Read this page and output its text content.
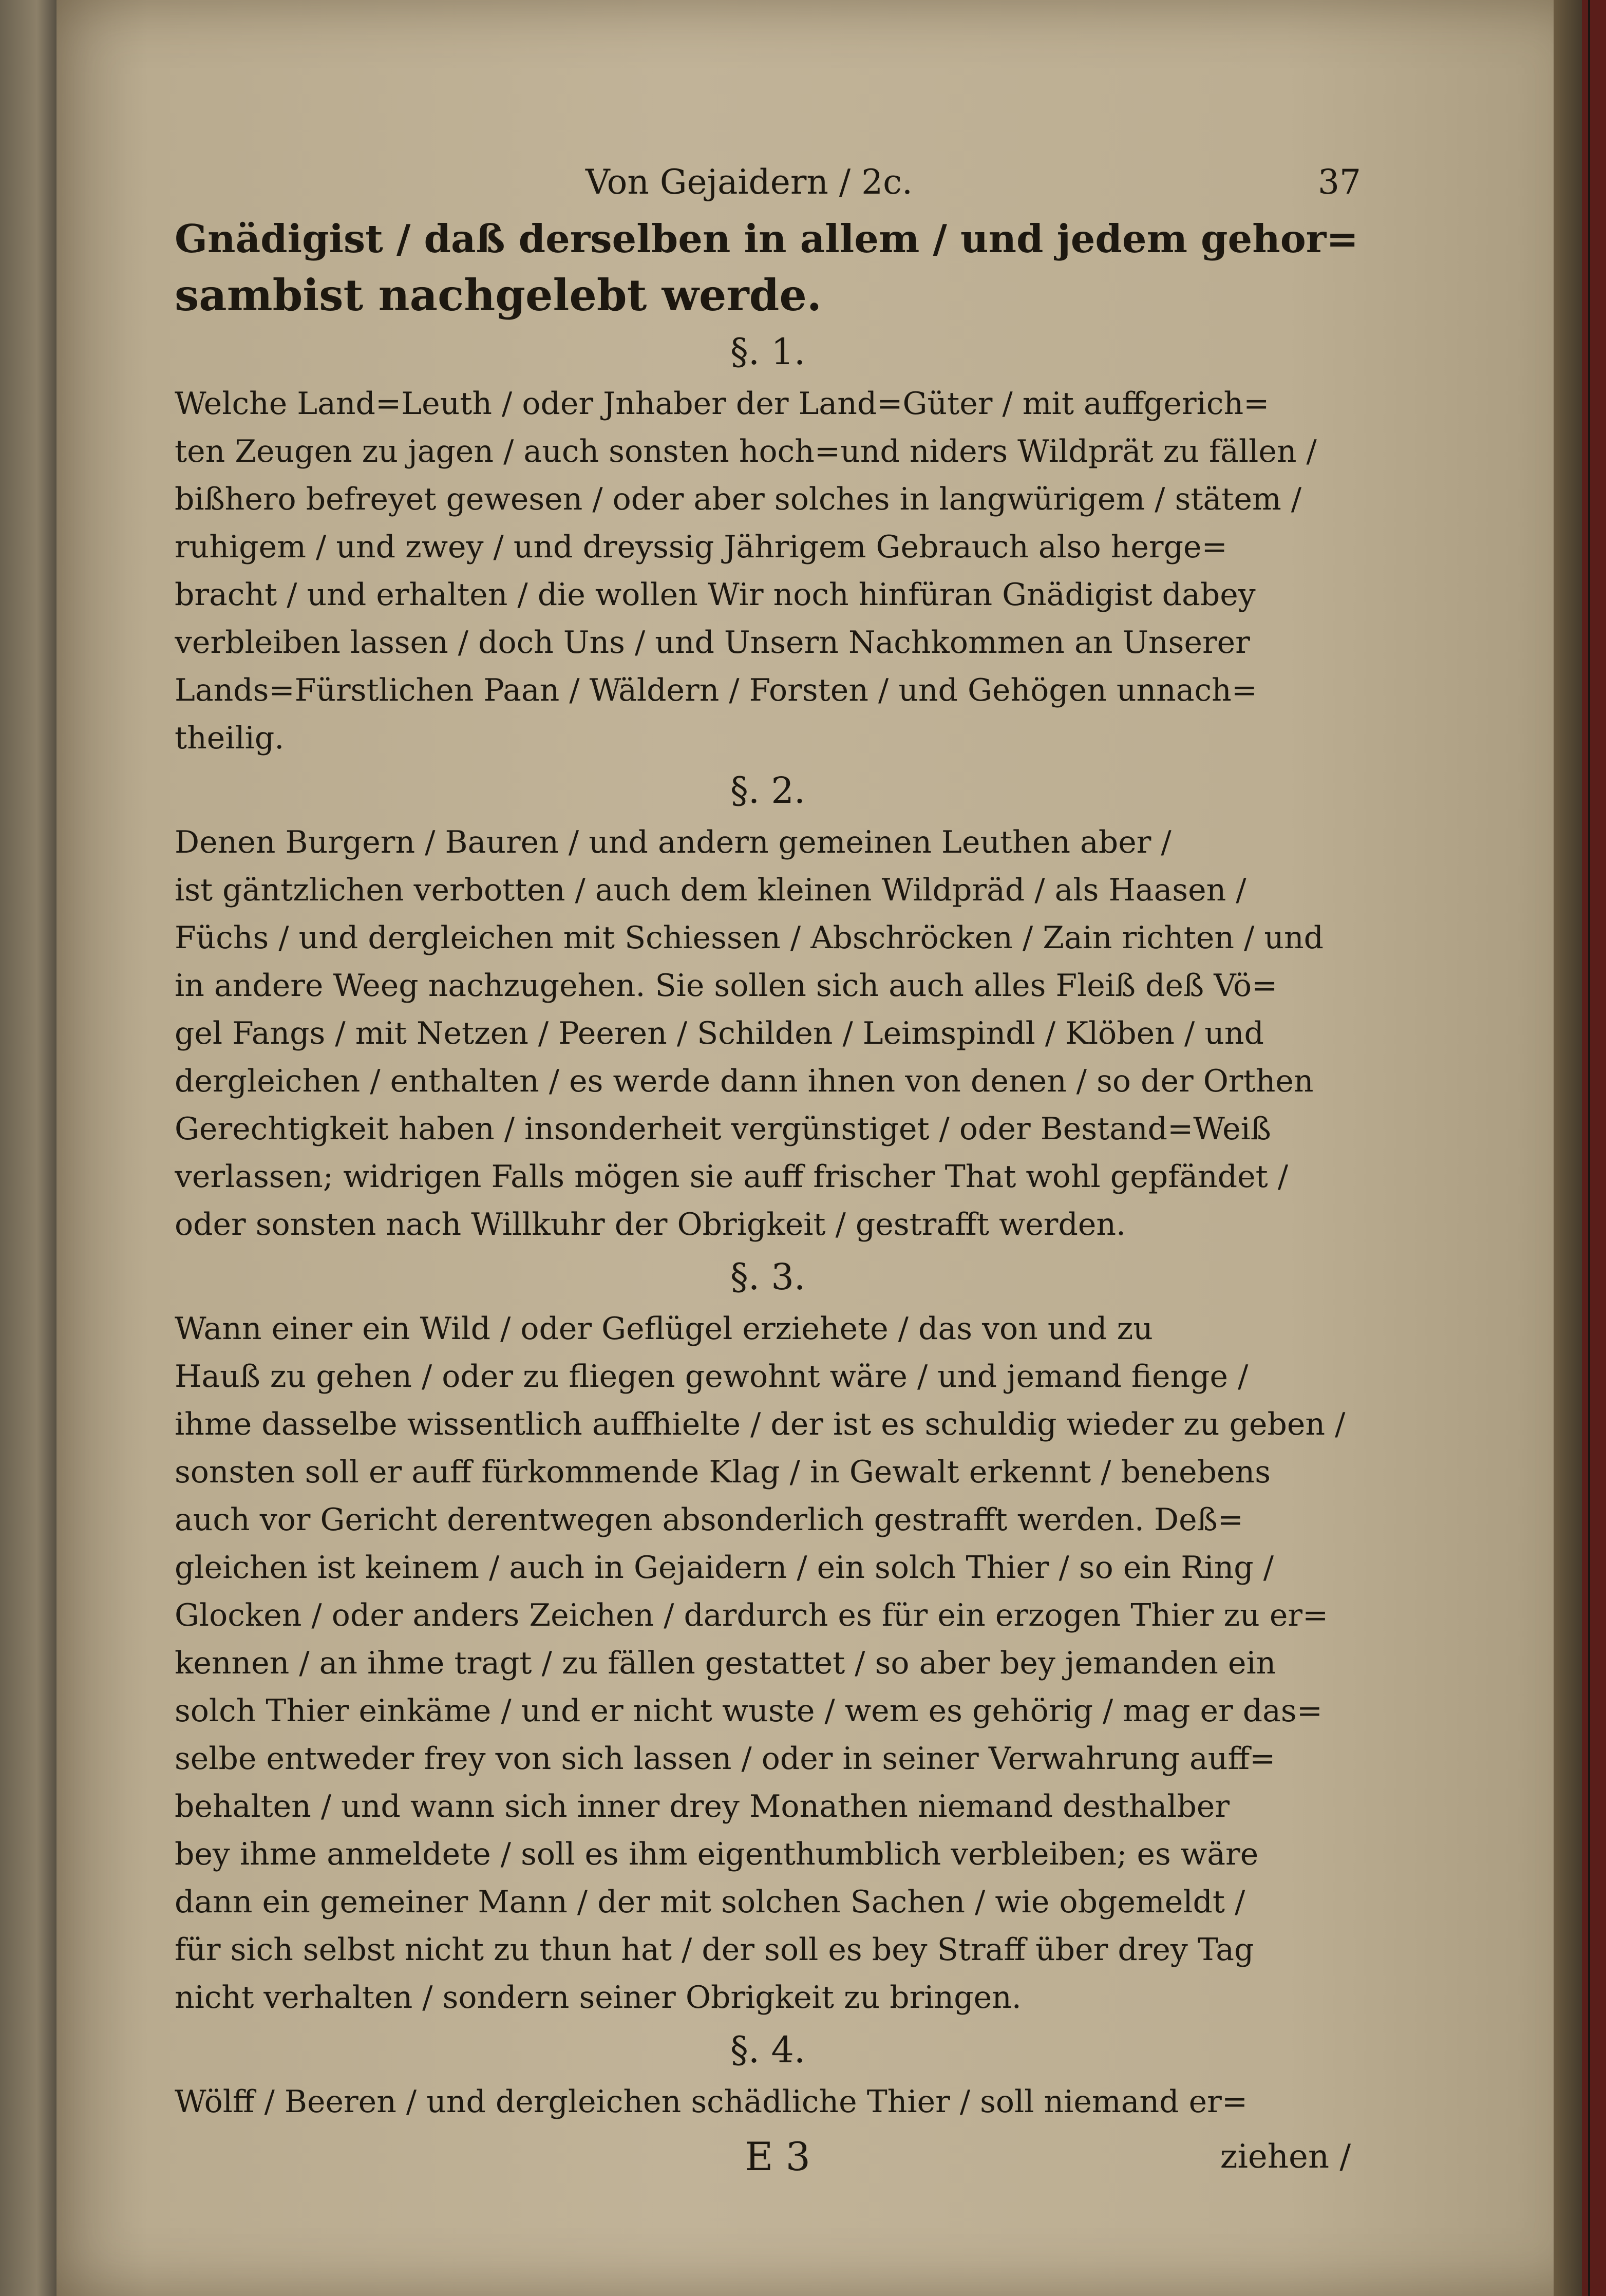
Von Gejaidern / 2c.	37
Gnädigist / daß derselben in allem / und jedem gehor=
sambist nachgelebt werde.
§. 1.
Welche Land=Leuth / oder Jnhaber der Land=Güter / mit auffgerich=
ten Zeugen zu jagen / auch sonsten hoch=und niders Wildprät zu fällen /
bißhero befreyet gewesen / oder aber solches in langwürigem / stätem /
ruhigem / und zwey / und dreyssig Jährigem Gebrauch also herge=
bracht / und erhalten / die wollen Wir noch hinfüran Gnädigist dabey
verbleiben lassen / doch Uns / und Unsern Nachkommen an Unserer
Lands=Fürstlichen Paan / Wäldern / Forsten / und Gehögen unnach=
theilig.
§. 2.
Denen Burgern / Bauren / und andern gemeinen Leuthen aber /
ist gäntzlichen verbotten / auch dem kleinen Wildpräd / als Haasen /
Füchs / und dergleichen mit Schiessen / Abschröcken / Zain richten / und
in andere Weeg nachzugehen. Sie sollen sich auch alles Fleiß deß Vö=
gel Fangs / mit Netzen / Peeren / Schilden / Leimspindl / Klöben / und
dergleichen / enthalten / es werde dann ihnen von denen / so der Orthen
Gerechtigkeit haben / insonderheit vergünstiget / oder Bestand=Weiß
verlassen; widrigen Falls mögen sie auff frischer That wohl gepfändet /
oder sonsten nach Willkuhr der Obrigkeit / gestrafft werden.
§. 3.
Wann einer ein Wild / oder Geflügel erziehete / das von und zu
Hauß zu gehen / oder zu fliegen gewohnt wäre / und jemand fienge /
ihme dasselbe wissentlich auffhielte / der ist es schuldig wieder zu geben /
sonsten soll er auff fürkommende Klag / in Gewalt erkennt / benebens
auch vor Gericht derentwegen absonderlich gestrafft werden. Deß=
gleichen ist keinem / auch in Gejaidern / ein solch Thier / so ein Ring /
Glocken / oder anders Zeichen / dardurch es für ein erzogen Thier zu er=
kennen / an ihme tragt / zu fällen gestattet / so aber bey jemanden ein
solch Thier einkäme / und er nicht wuste / wem es gehörig / mag er das=
selbe entweder frey von sich lassen / oder in seiner Verwahrung auff=
behalten / und wann sich inner drey Monathen niemand desthalber
bey ihme anmeldete / soll es ihm eigenthumblich verbleiben; es wäre
dann ein gemeiner Mann / der mit solchen Sachen / wie obgemeldt /
für sich selbst nicht zu thun hat / der soll es bey Straff über drey Tag
nicht verhalten / sondern seiner Obrigkeit zu bringen.
§. 4.
Wölff / Beeren / und dergleichen schädliche Thier / soll niemand er=
E 3	ziehen /
